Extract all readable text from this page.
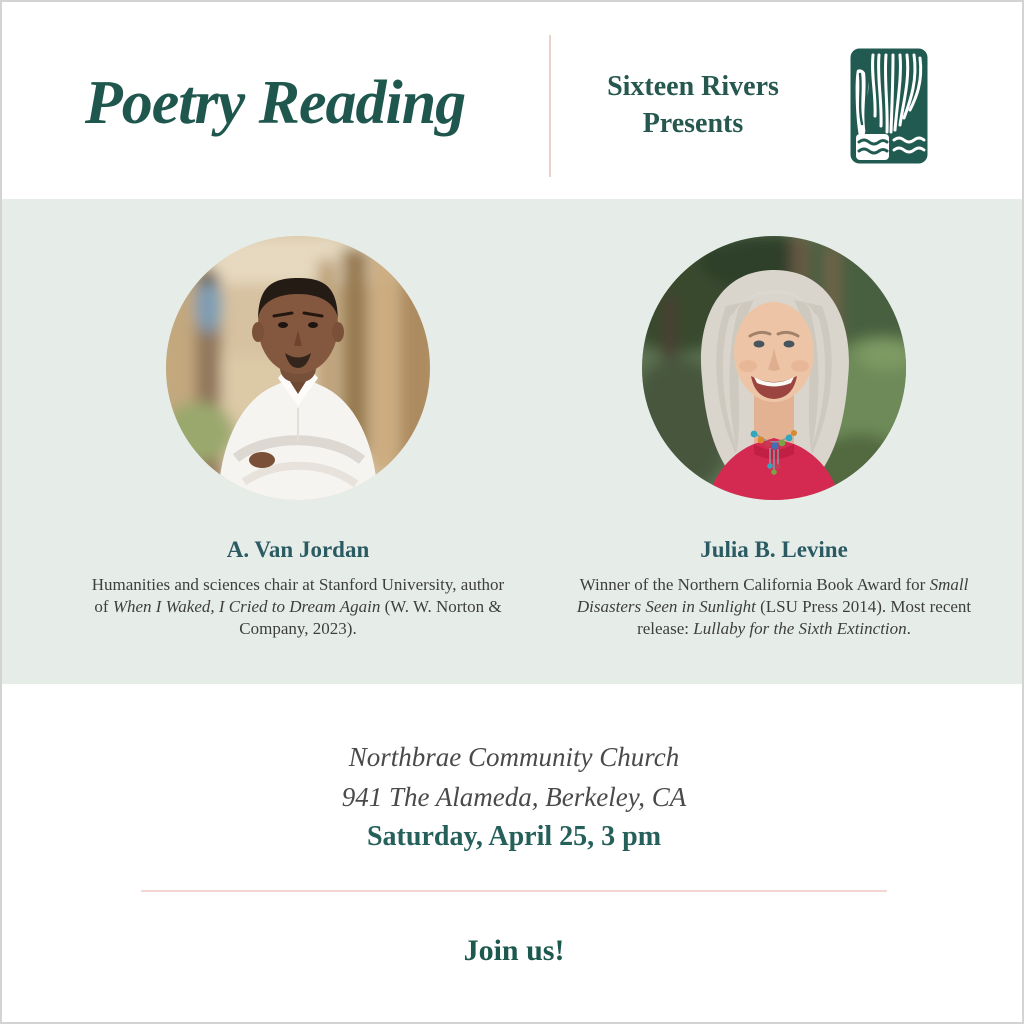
Poetry Reading	Sixteen Rivers
Presents
A. Van Jordan

Humanities and sciences chair at Stanford University, author of When I Waked, I Cried to Dream Again (W. W. Norton & Company, 2023).

Julia B. Levine

Winner of the Northern California Book Award for Small Disasters Seen in Sunlight (LSU Press 2014). Most recent release: Lullaby for the Sixth Extinction.

Northbrae Community Church

941 The Alameda, Berkeley, CA

Saturday, April 25, 3 pm

Join us!
